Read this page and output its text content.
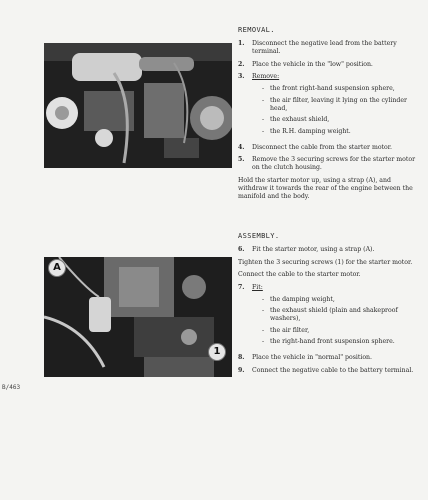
A
1
REMOVAL.
1.	Disconnect the negative lead from the battery terminal.
2.	Place the vehicle in the "low" position.
3.	Remove:
- the front right-hand suspension sphere,
- the air filter, leaving it lying on the cylinder head,
- the exhaust shield,
- the R.H. damping weight.
4.	Disconnect the cable from the starter motor.
5.	Remove the 3 securing screws for the starter motor on the clutch housing.

Hold the starter motor up, using a strap (A), and withdraw it towards the rear of the engine between the manifold and the body.

ASSEMBLY.
6.	Fit the starter motor, using a strap (A).

Tighten the 3 securing screws (1) for the starter motor.

Connect the cable to the starter motor.

7.	Fit:
- the damping weight,
- the exhaust shield (plain and shakeproof washers),
- the air filter,
- the right-hand front suspension sphere.
8.	Place the vehicle in "normal" position.
9.	Connect the negative cable to the battery terminal.
B/463
